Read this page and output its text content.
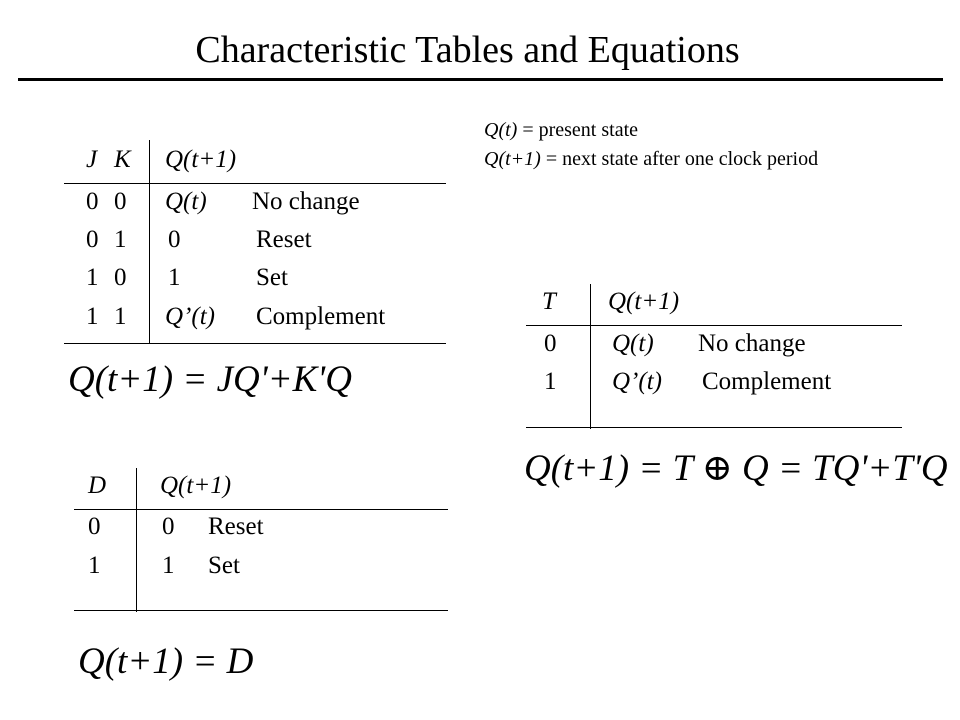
Characteristic Tables and Equations
Q(t) = present state
Q(t+1) = next state after one clock period
J K Q(t+1)
0 0 Q(t) No change
0 1 0	Reset
1 0 1	Set
1 1 Q’(t) Complement
Q(t+1) = JQ'+K'Q
D Q(t+1)
0 0 Reset
1 1 Set
Q(t+1) = D
T Q(t+1)
0 Q(t) No change
1 Q’(t) Complement
Q(t+1) = T ⊕ Q = TQ'+T'Q
